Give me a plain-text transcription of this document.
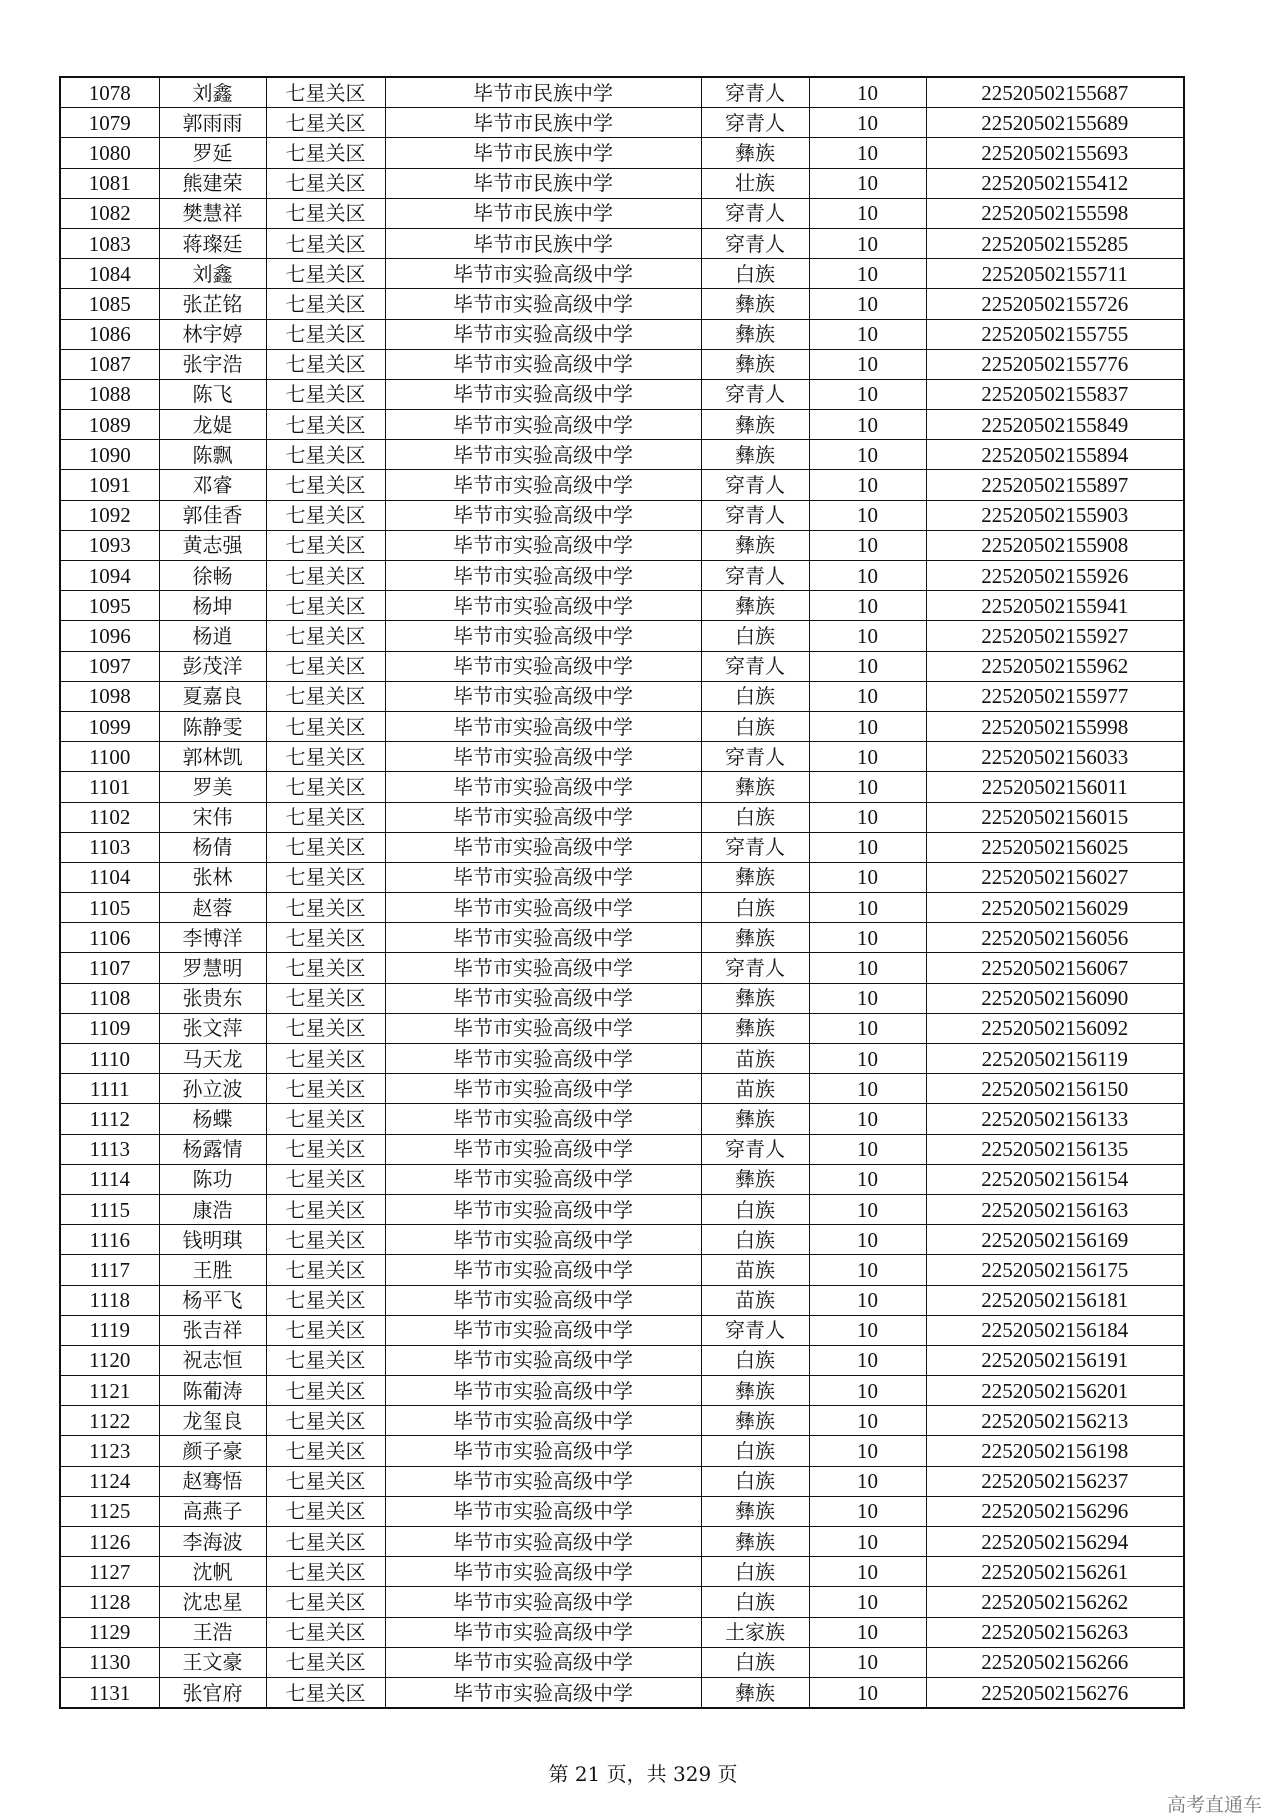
1078	刘鑫	七星关区	毕节市民族中学	穿青人	10	22520502155687
1079	郭雨雨	七星关区	毕节市民族中学	穿青人	10	22520502155689
1080	罗延	七星关区	毕节市民族中学	彝族	10	22520502155693
1081	熊建荣	七星关区	毕节市民族中学	壮族	10	22520502155412
1082	樊慧祥	七星关区	毕节市民族中学	穿青人	10	22520502155598
1083	蒋璨廷	七星关区	毕节市民族中学	穿青人	10	22520502155285
1084	刘鑫	七星关区	毕节市实验高级中学	白族	10	22520502155711
1085	张芷铭	七星关区	毕节市实验高级中学	彝族	10	22520502155726
1086	林宇婷	七星关区	毕节市实验高级中学	彝族	10	22520502155755
1087	张宇浩	七星关区	毕节市实验高级中学	彝族	10	22520502155776
1088	陈飞	七星关区	毕节市实验高级中学	穿青人	10	22520502155837
1089	龙媞	七星关区	毕节市实验高级中学	彝族	10	22520502155849
1090	陈飘	七星关区	毕节市实验高级中学	彝族	10	22520502155894
1091	邓睿	七星关区	毕节市实验高级中学	穿青人	10	22520502155897
1092	郭佳香	七星关区	毕节市实验高级中学	穿青人	10	22520502155903
1093	黄志强	七星关区	毕节市实验高级中学	彝族	10	22520502155908
1094	徐畅	七星关区	毕节市实验高级中学	穿青人	10	22520502155926
1095	杨坤	七星关区	毕节市实验高级中学	彝族	10	22520502155941
1096	杨逍	七星关区	毕节市实验高级中学	白族	10	22520502155927
1097	彭茂洋	七星关区	毕节市实验高级中学	穿青人	10	22520502155962
1098	夏嘉良	七星关区	毕节市实验高级中学	白族	10	22520502155977
1099	陈静雯	七星关区	毕节市实验高级中学	白族	10	22520502155998
1100	郭林凯	七星关区	毕节市实验高级中学	穿青人	10	22520502156033
1101	罗美	七星关区	毕节市实验高级中学	彝族	10	22520502156011
1102	宋伟	七星关区	毕节市实验高级中学	白族	10	22520502156015
1103	杨倩	七星关区	毕节市实验高级中学	穿青人	10	22520502156025
1104	张林	七星关区	毕节市实验高级中学	彝族	10	22520502156027
1105	赵蓉	七星关区	毕节市实验高级中学	白族	10	22520502156029
1106	李博洋	七星关区	毕节市实验高级中学	彝族	10	22520502156056
1107	罗慧明	七星关区	毕节市实验高级中学	穿青人	10	22520502156067
1108	张贵东	七星关区	毕节市实验高级中学	彝族	10	22520502156090
1109	张文萍	七星关区	毕节市实验高级中学	彝族	10	22520502156092
1110	马天龙	七星关区	毕节市实验高级中学	苗族	10	22520502156119
1111	孙立波	七星关区	毕节市实验高级中学	苗族	10	22520502156150
1112	杨蝶	七星关区	毕节市实验高级中学	彝族	10	22520502156133
1113	杨露情	七星关区	毕节市实验高级中学	穿青人	10	22520502156135
1114	陈功	七星关区	毕节市实验高级中学	彝族	10	22520502156154
1115	康浩	七星关区	毕节市实验高级中学	白族	10	22520502156163
1116	钱明琪	七星关区	毕节市实验高级中学	白族	10	22520502156169
1117	王胜	七星关区	毕节市实验高级中学	苗族	10	22520502156175
1118	杨平飞	七星关区	毕节市实验高级中学	苗族	10	22520502156181
1119	张吉祥	七星关区	毕节市实验高级中学	穿青人	10	22520502156184
1120	祝志恒	七星关区	毕节市实验高级中学	白族	10	22520502156191
1121	陈葡涛	七星关区	毕节市实验高级中学	彝族	10	22520502156201
1122	龙玺良	七星关区	毕节市实验高级中学	彝族	10	22520502156213
1123	颜子豪	七星关区	毕节市实验高级中学	白族	10	22520502156198
1124	赵骞悟	七星关区	毕节市实验高级中学	白族	10	22520502156237
1125	高燕子	七星关区	毕节市实验高级中学	彝族	10	22520502156296
1126	李海波	七星关区	毕节市实验高级中学	彝族	10	22520502156294
1127	沈帆	七星关区	毕节市实验高级中学	白族	10	22520502156261
1128	沈忠星	七星关区	毕节市实验高级中学	白族	10	22520502156262
1129	王浩	七星关区	毕节市实验高级中学	土家族	10	22520502156263
1130	王文豪	七星关区	毕节市实验高级中学	白族	10	22520502156266
1131	张官府	七星关区	毕节市实验高级中学	彝族	10	22520502156276
第 21 页，共 329 页
高考直通车
